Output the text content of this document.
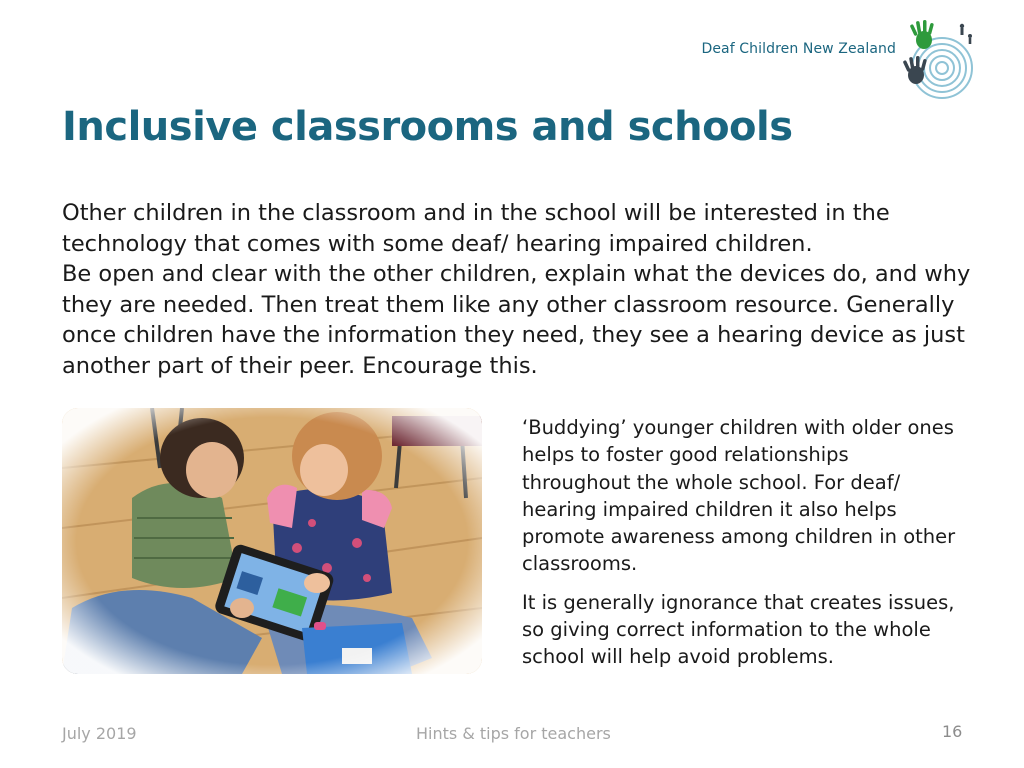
Deaf Children New Zealand
Inclusive classrooms and schools

Other children in the classroom and in the school will be interested in the technology that comes with some deaf/ hearing impaired children.

Be open and clear with the other children, explain what the devices do, and why they are needed. Then treat them like any other classroom resource. Generally once children have the information they need, they see a hearing device as just another part of their peer. Encourage this.

‘Buddying’ younger children with older ones helps to foster good relationships throughout the whole school. For deaf/ hearing impaired children it also helps promote awareness among children in other classrooms.

It is generally ignorance that creates issues, so giving correct information to the whole school will help avoid problems.

July 2019	Hints & tips for teachers	16
